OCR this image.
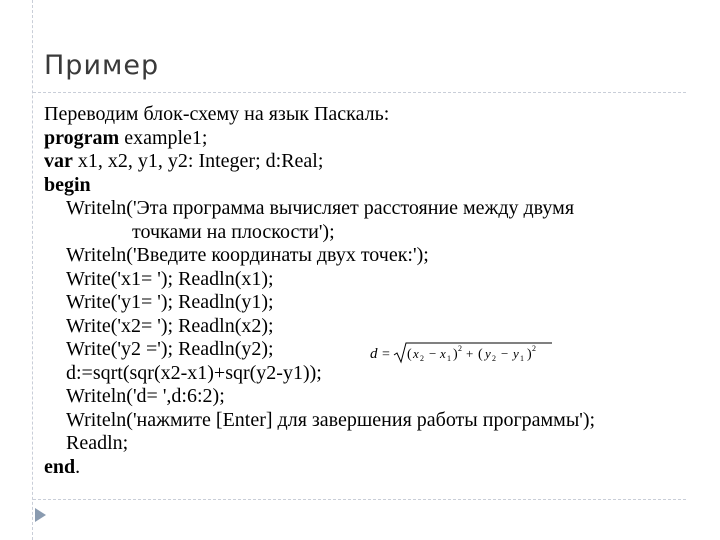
Пример
Переводим блок-схему на язык Паскаль:
program example1;
var x1, x2, y1, y2: Integer; d:Real;
begin
Writeln('Эта программа вычисляет расстояние между двумя
точками на плоскости');
Writeln('Введите координаты двух точек:');
Write('x1= '); Readln(x1);
Write('y1= '); Readln(y1);
Write('x2= '); Readln(x2);
Write('y2 ='); Readln(y2);
d:=sqrt(sqr(x2-x1)+sqr(y2-y1));
Writeln('d= ',d:6:2);
Writeln('нажмите [Enter] для завершения работы программы');
Readln;
end.
d = ( x 2 − x 1 ) 2 + ( y 2 − y 1 ) 2
